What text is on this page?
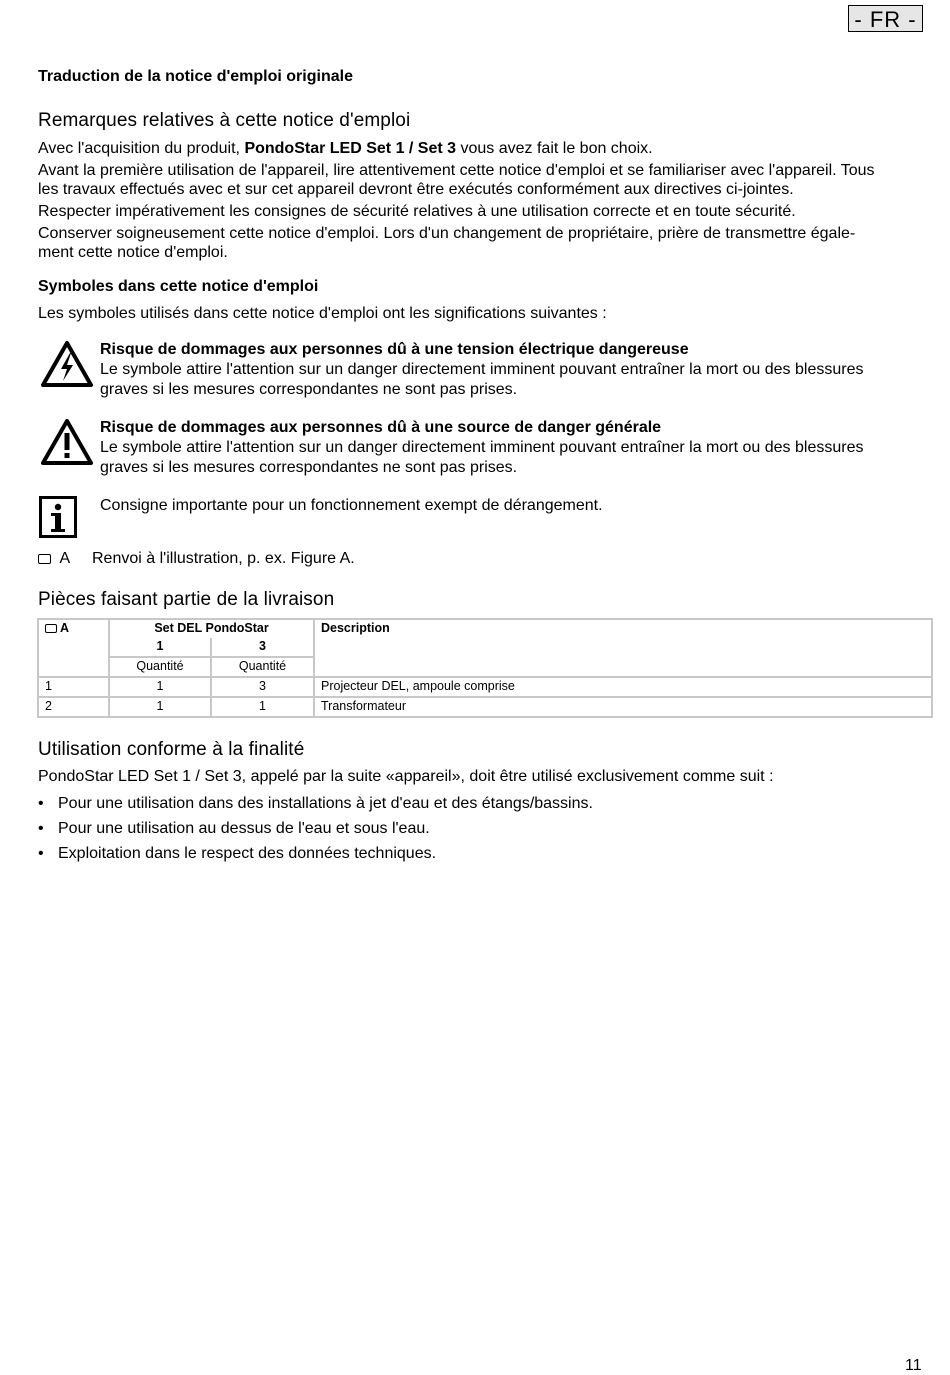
- FR -
Traduction de la notice d'emploi originale
Remarques relatives à cette notice d'emploi
Avec l'acquisition du produit, PondoStar LED Set 1 / Set 3 vous avez fait le bon choix.
Avant la première utilisation de l'appareil, lire attentivement cette notice d'emploi et se familiariser avec l'appareil. Tous
les travaux effectués avec et sur cet appareil devront être exécutés conformément aux directives ci-jointes.
Respecter impérativement les consignes de sécurité relatives à une utilisation correcte et en toute sécurité.
Conserver soigneusement cette notice d'emploi. Lors d'un changement de propriétaire, prière de transmettre égale-
ment cette notice d'emploi.
Symboles dans cette notice d'emploi
Les symboles utilisés dans cette notice d'emploi ont les significations suivantes :
Risque de dommages aux personnes dû à une tension électrique dangereuse
Le symbole attire l'attention sur un danger directement imminent pouvant entraîner la mort ou des blessures
graves si les mesures correspondantes ne sont pas prises.
Risque de dommages aux personnes dû à une source de danger générale
Le symbole attire l'attention sur un danger directement imminent pouvant entraîner la mort ou des blessures
graves si les mesures correspondantes ne sont pas prises.
Consigne importante pour un fonctionnement exempt de dérangement.
A Renvoi à l'illustration, p. ex. Figure A.
Pièces faisant partie de la livraison
A	Set DEL PondoStar		Description
	1	3	
	Quantité	Quantité	
1	1	3	Projecteur DEL, ampoule comprise
2	1	1	Transformateur
Utilisation conforme à la finalité
PondoStar LED Set 1 / Set 3, appelé par la suite «appareil», doit être utilisé exclusivement comme suit :
• Pour une utilisation dans des installations à jet d'eau et des étangs/bassins.
• Pour une utilisation au dessus de l'eau et sous l'eau.
• Exploitation dans le respect des données techniques.
11
